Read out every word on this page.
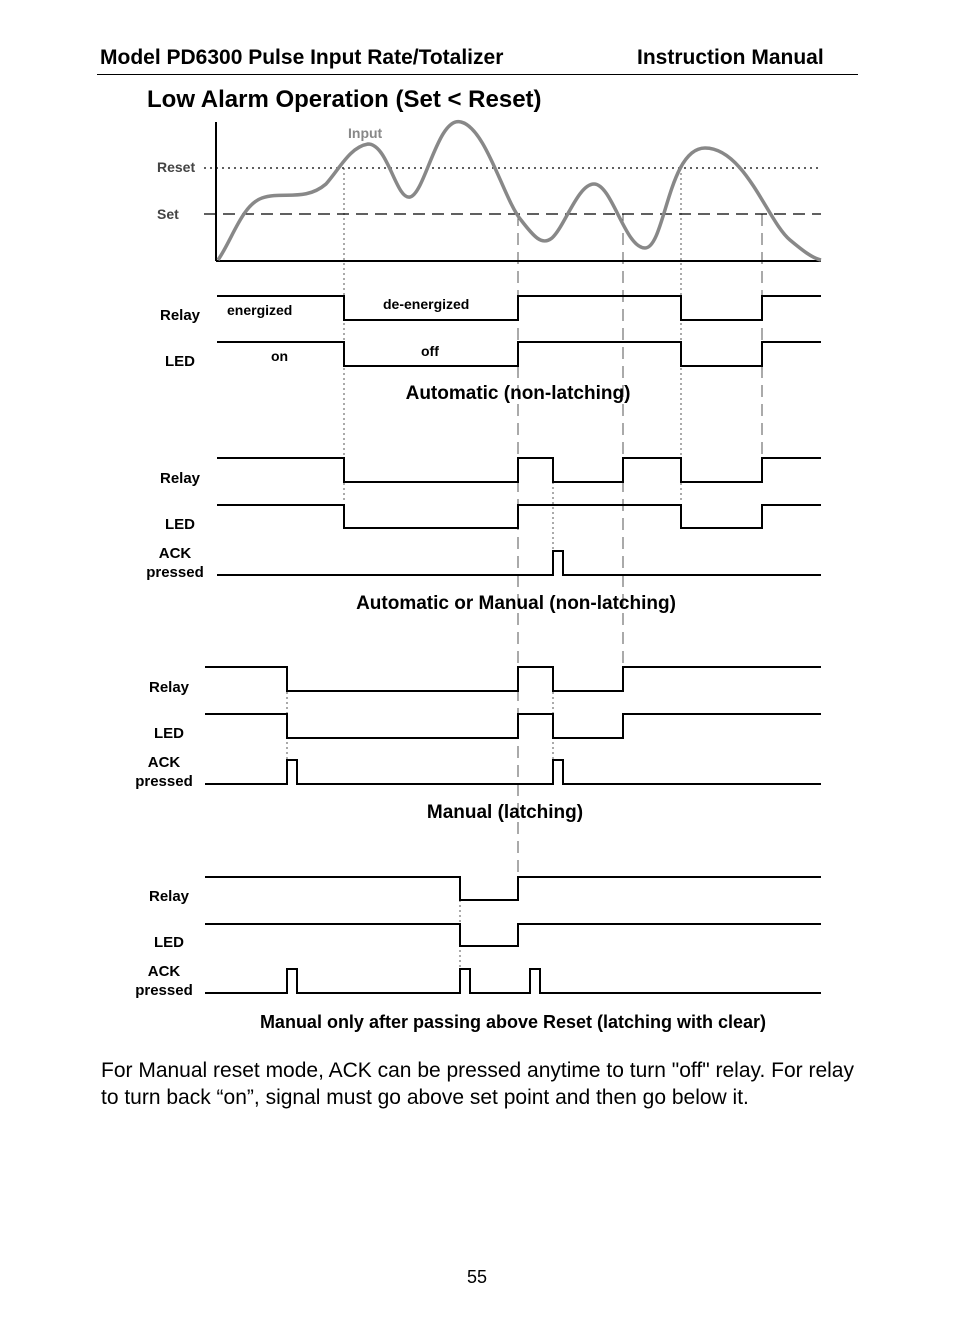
Model PD6300 Pulse Input Rate/Totalizer	Instruction Manual
Low Alarm Operation (Set < Reset)
Reset
Set
Input
Relay
LED
energized	de-energized
on	off
Automatic (non-latching)
Relay
LED
ACK
pressed
Automatic or Manual (non-latching)
Relay
LED
ACK
pressed
Manual (latching)
Relay
LED
ACK
pressed
Manual only after passing above Reset (latching with clear)
For Manual reset mode, ACK can be pressed anytime to turn "off" relay. For relay to turn back “on”, signal must go above set point and then go below it.
55
